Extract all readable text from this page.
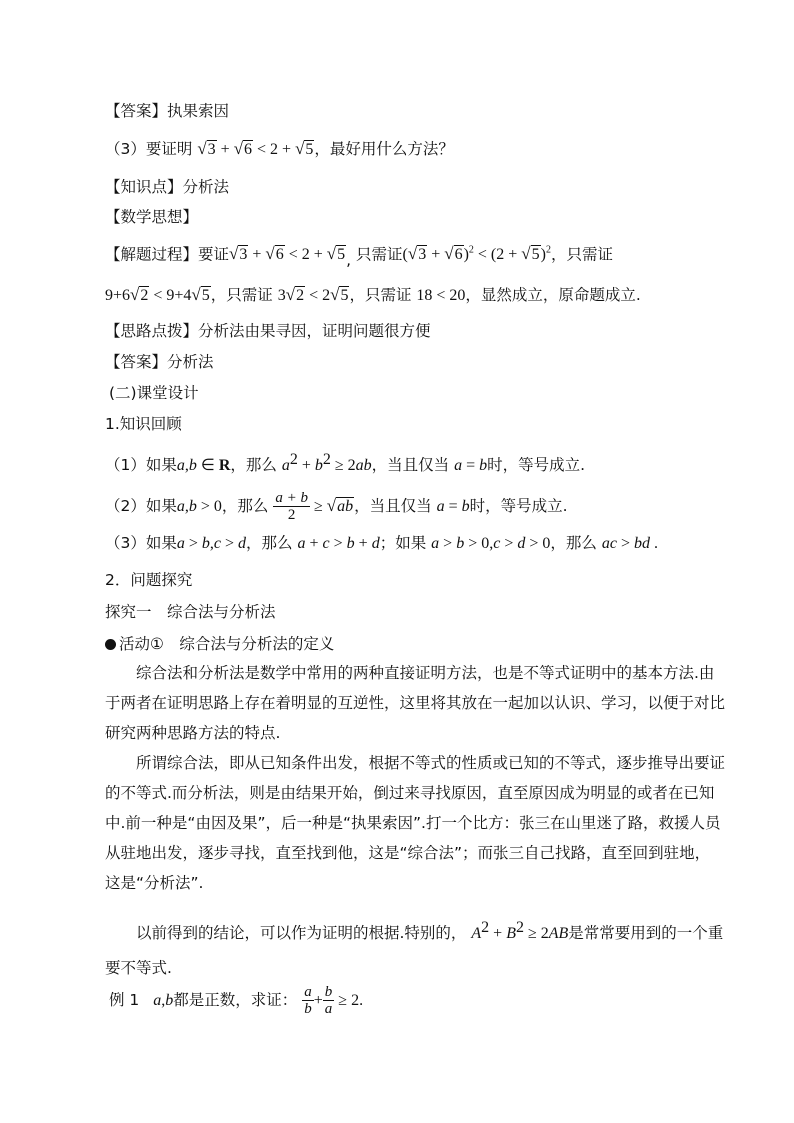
【答案】执果索因
（3）要证明 √3 + √6 < 2 + √5，最好用什么方法？
【知识点】分析法
【数学思想】
【解题过程】要证√3 + √6 < 2 + √5, 只需证$(√3 + √6)^2 < (2 + √5)^2$，只需证
9+6√2 < 9+4√5，只需证 3√2 < 2√5，只需证 18 < 20，显然成立，原命题成立.
【思路点拨】分析法由果寻因，证明问题很方便
【答案】分析法
(二)课堂设计
1.知识回顾
（1）如果a,b ∈ R，那么 $a^2 + b^2 \ge 2ab$，当且仅当 a = b时，等号成立.
（2）如果a,b > 0，那么 $\frac{a + b}{2} \ge √ab$，当且仅当 a = b时，等号成立.
（3）如果a > b,c > d，那么 a + c > b + d；如果 a > b > 0,c > d > 0，那么 ac > bd .
2．问题探究
探究一　综合法与分析法
活动①　综合法与分析法的定义
综合法和分析法是数学中常用的两种直接证明方法，也是不等式证明中的基本方法.由于两者在证明思路上存在着明显的互逆性，这里将其放在一起加以认识、学习，以便于对比研究两种思路方法的特点.
所谓综合法，即从已知条件出发，根据不等式的性质或已知的不等式，逐步推导出要证的不等式.而分析法，则是由结果开始，倒过来寻找原因，直至原因成为明显的或者在已知中.前一种是“由因及果”，后一种是“执果索因”.打一个比方：张三在山里迷了路，救援人员从驻地出发，逐步寻找，直至找到他，这是“综合法”；而张三自己找路，直至回到驻地，这是“分析法”.
以前得到的结论，可以作为证明的根据.特别的， $A^2 + B^2 \ge 2AB$是常常要用到的一个重要不等式.
例 1 a,b都是正数，求证： $\frac{a}{b} + \frac{b}{a} \ge 2$.
